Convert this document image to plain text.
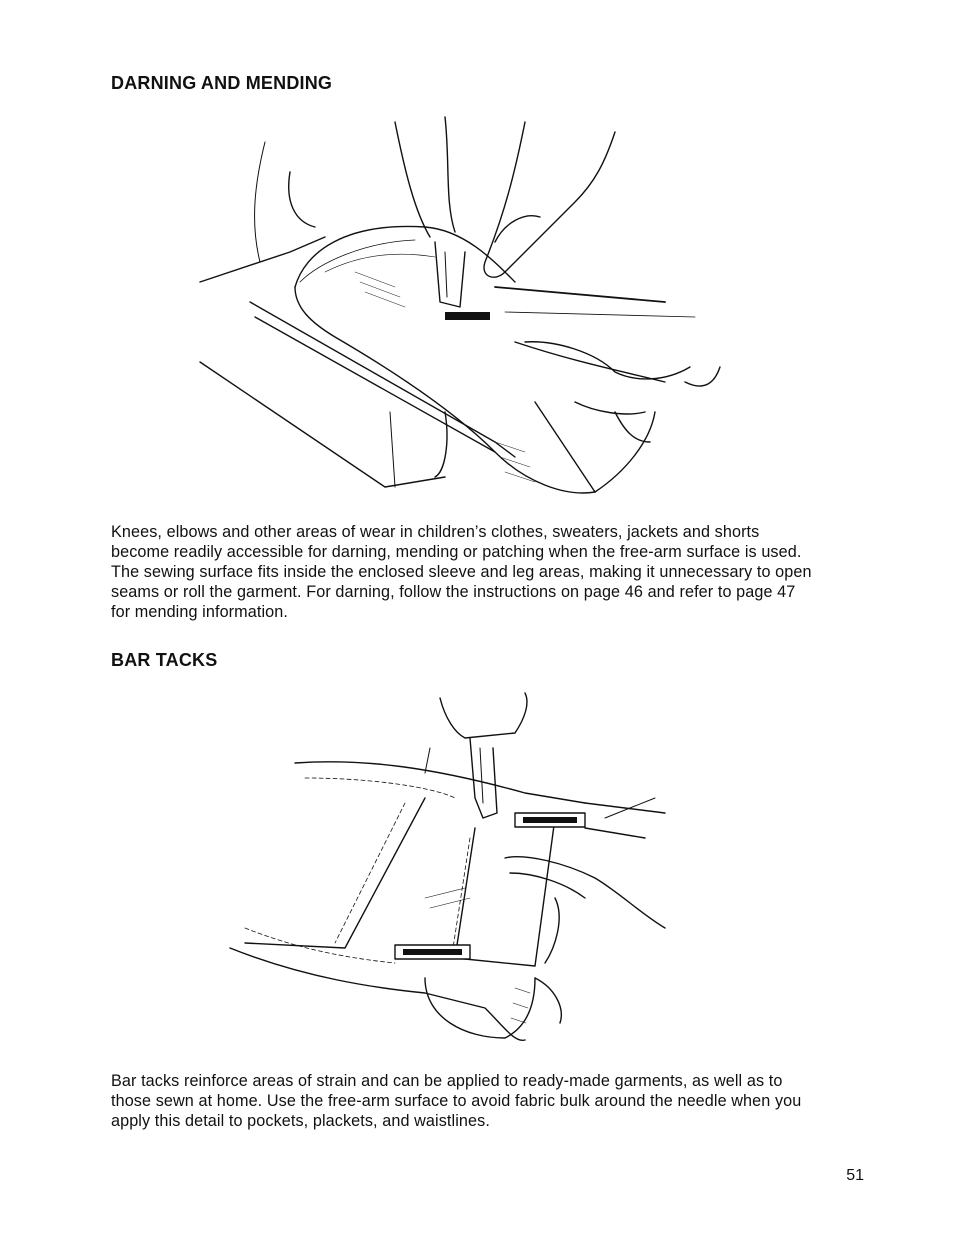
DARNING AND MENDING

Knees, elbows and other areas of wear in children’s clothes, sweaters, jackets and shorts become readily accessible for darning, mending or patching when the free-arm surface is used. The sewing surface fits inside the enclosed sleeve and leg areas, making it unnecessary to open seams or roll the garment. For darning, follow the instructions on page 46 and refer to page 47 for mending information.

BAR TACKS

Bar tacks reinforce areas of strain and can be applied to ready-made garments, as well as to those sewn at home. Use the free-arm surface to avoid fabric bulk around the needle when you apply this detail to pockets, plackets, and waistlines.

51
